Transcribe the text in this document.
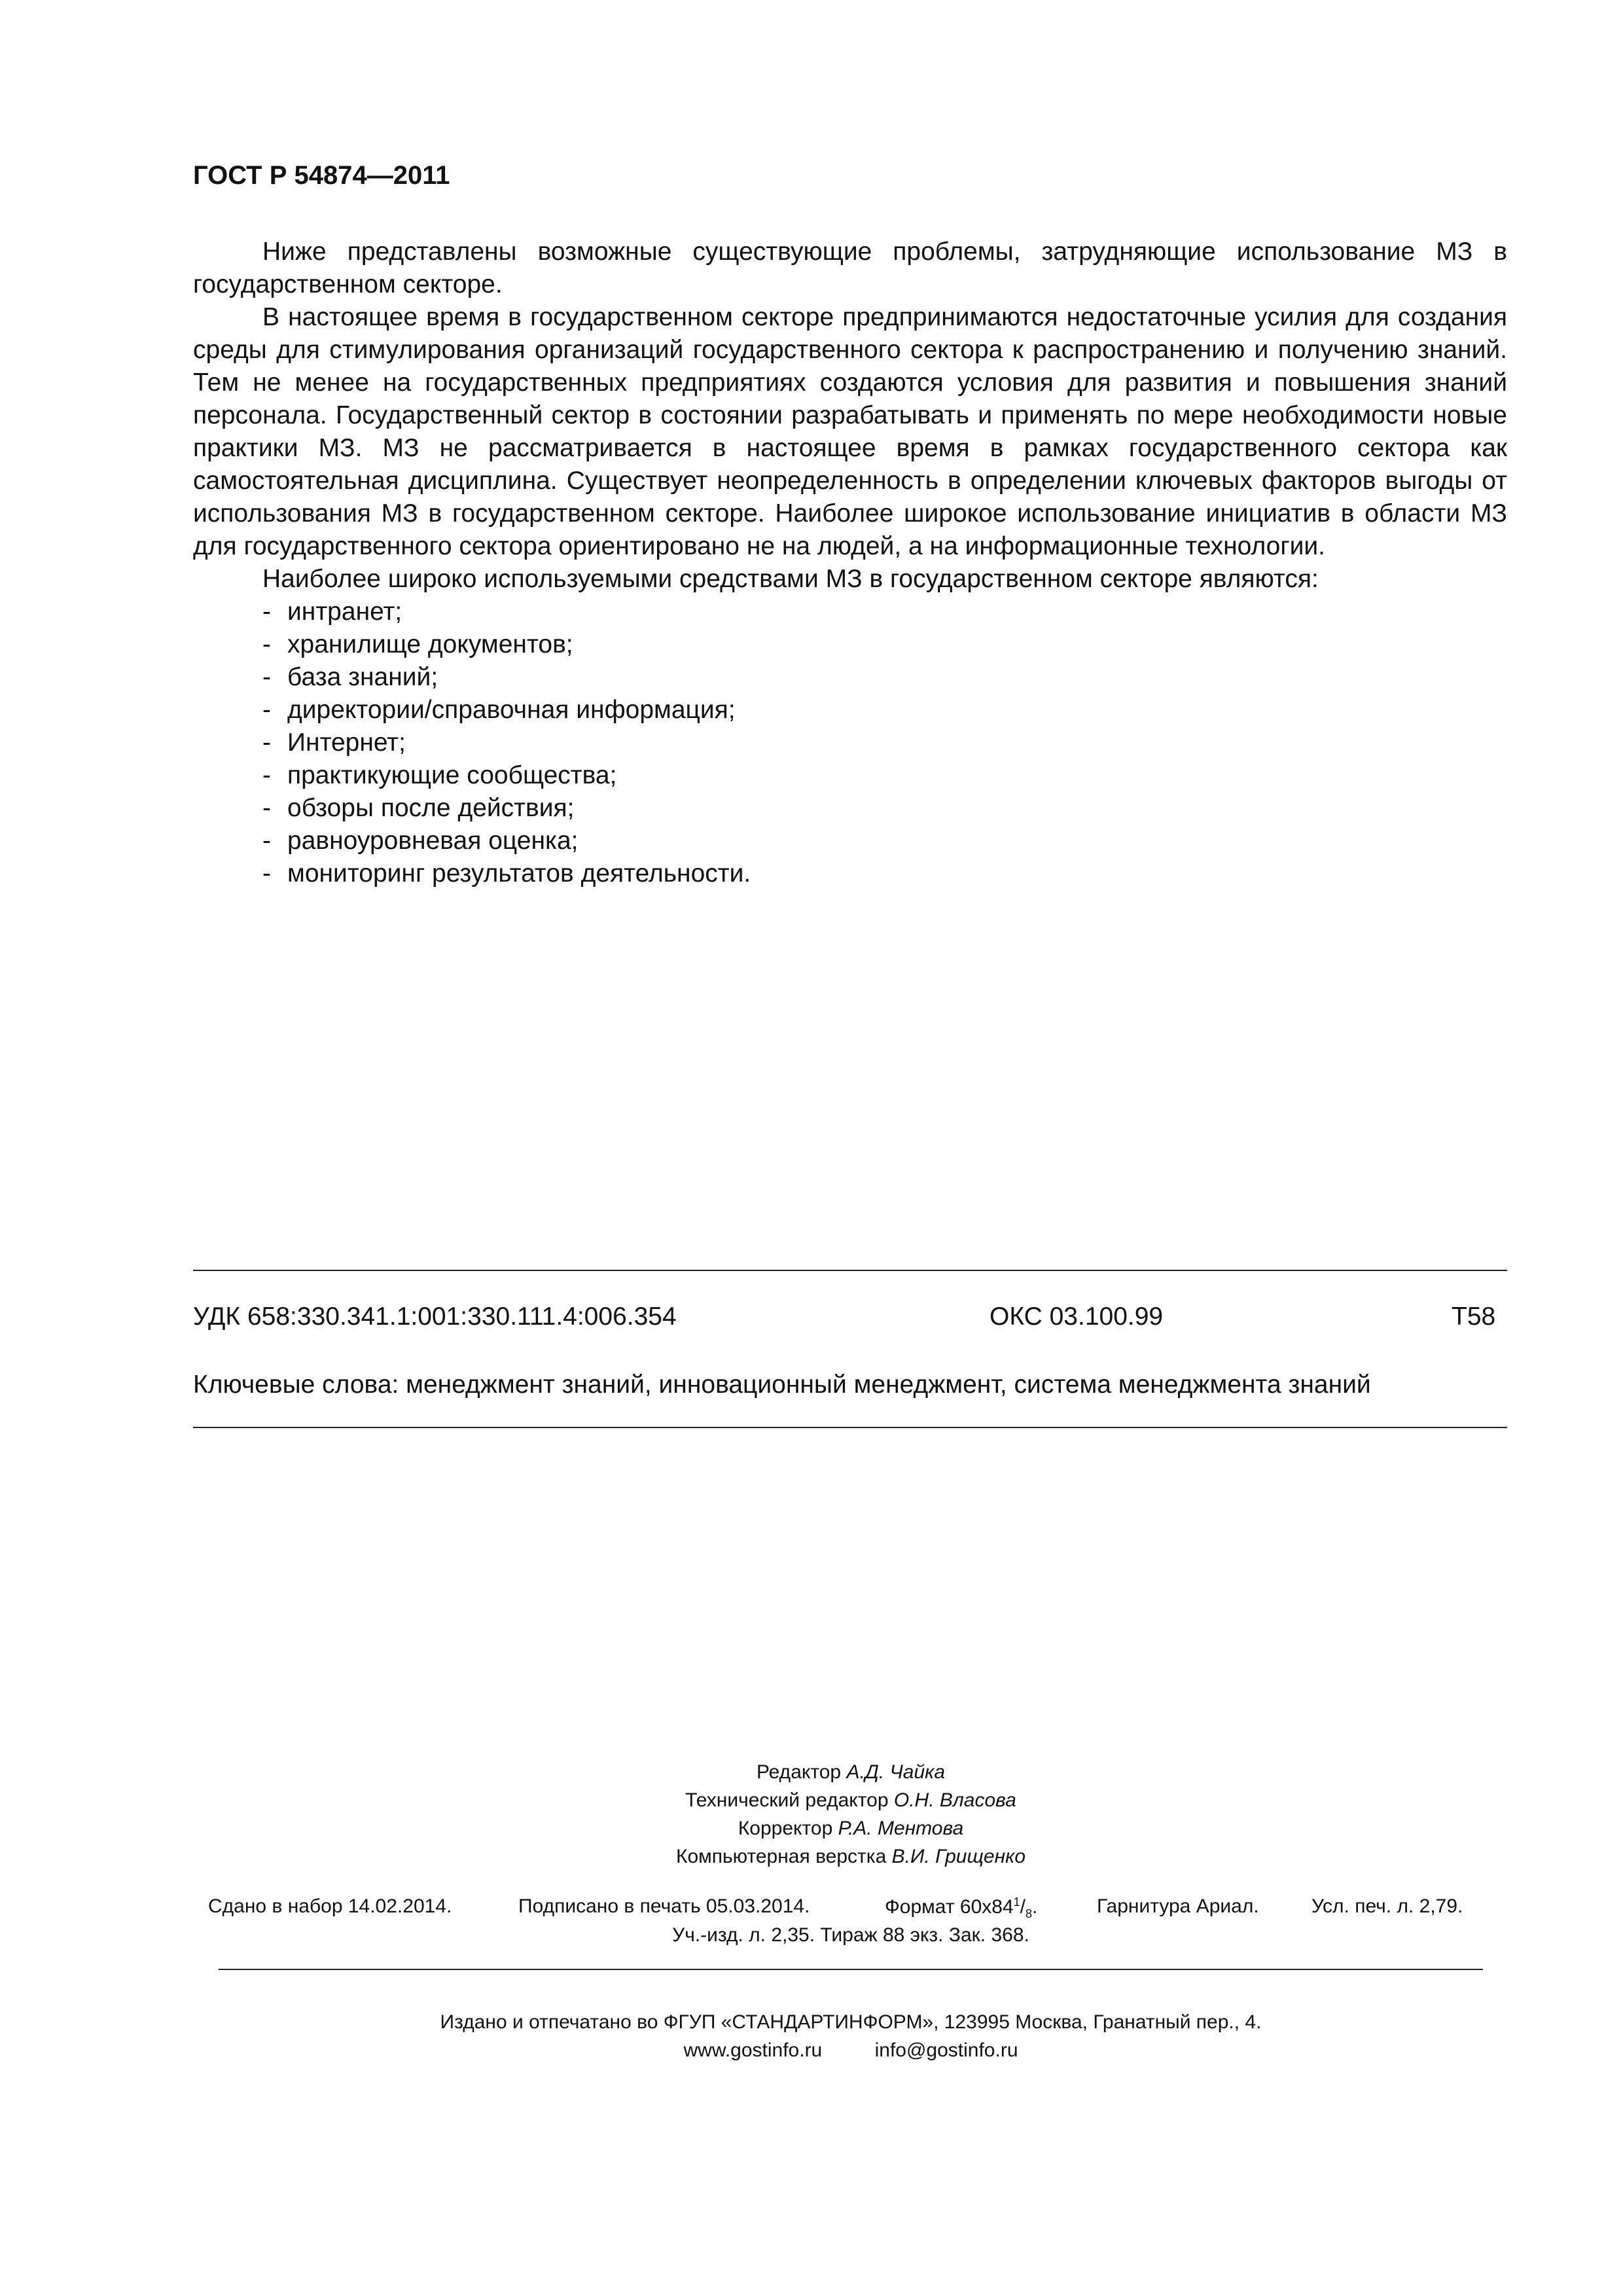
ГОСТ Р 54874—2011

Ниже представлены возможные существующие проблемы, затрудняющие использование МЗ в государственном секторе.

В настоящее время в государственном секторе предпринимаются недостаточные усилия для создания среды для стимулирования организаций государственного сектора к распространению и получению знаний. Тем не менее на государственных предприятиях создаются условия для развития и повышения знаний персонала. Государственный сектор в состоянии разрабатывать и применять по мере необходимости новые практики МЗ. МЗ не рассматривается в настоящее время в рамках государственного сектора как самостоятельная дисциплина. Существует неопределенность в определении ключевых факторов выгоды от использования МЗ в государственном секторе. Наиболее широкое использование инициатив в области МЗ для государственного сектора ориентировано не на людей, а на информационные технологии.

Наиболее широко используемыми средствами МЗ в государственном секторе являются:

- интранет;
- хранилище документов;
- база знаний;
- директории/справочная информация;
- Интернет;
- практикующие сообщества;
- обзоры после действия;
- равноуровневая оценка;
- мониторинг результатов деятельности.
УДК 658:330.341.1:001:330.111.4:006.354	ОКС 03.100.99	Т58
Ключевые слова: менеджмент знаний, инновационный менеджмент, система менеджмента знаний
Редактор А.Д. Чайка
Технический редактор О.Н. Власова
Корректор Р.А. Ментова
Компьютерная верстка В.И. Грищенко
Сдано в набор 14.02.2014.	Подписано в печать 05.03.2014.	Формат $60х84^1/_8$.	Гарнитура Ариал.	Усл. печ. л. 2,79.
Уч.-изд. л. 2,35. Тираж 88 экз. Зак. 368.
Издано и отпечатано во ФГУП «СТАНДАРТИНФОРМ», 123995 Москва, Гранатный пер., 4.
www.gostinfo.ru	info@gostinfo.ru
